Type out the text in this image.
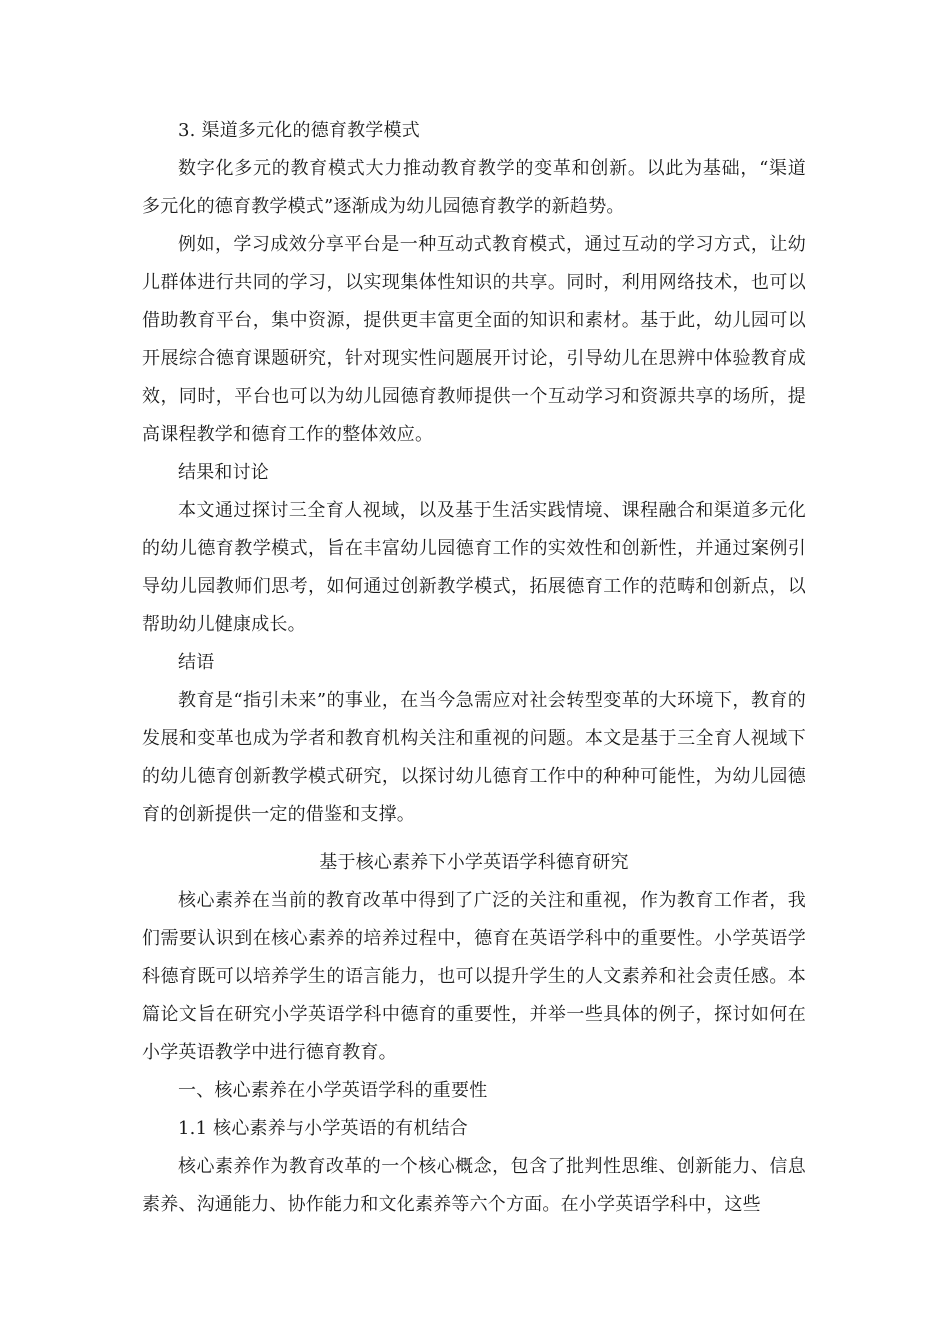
3. 渠道多元化的德育教学模式

数字化多元的教育模式大力推动教育教学的变革和创新。以此为基础，“渠道多元化的德育教学模式”逐渐成为幼儿园德育教学的新趋势。

例如，学习成效分享平台是一种互动式教育模式，通过互动的学习方式，让幼儿群体进行共同的学习，以实现集体性知识的共享。同时，利用网络技术，也可以借助教育平台，集中资源，提供更丰富更全面的知识和素材。基于此，幼儿园可以开展综合德育课题研究，针对现实性问题展开讨论，引导幼儿在思辨中体验教育成效，同时，平台也可以为幼儿园德育教师提供一个互动学习和资源共享的场所，提高课程教学和德育工作的整体效应。

结果和讨论

本文通过探讨三全育人视域，以及基于生活实践情境、课程融合和渠道多元化的幼儿德育教学模式，旨在丰富幼儿园德育工作的实效性和创新性，并通过案例引导幼儿园教师们思考，如何通过创新教学模式，拓展德育工作的范畴和创新点，以帮助幼儿健康成长。

结语

教育是“指引未来”的事业，在当今急需应对社会转型变革的大环境下，教育的发展和变革也成为学者和教育机构关注和重视的问题。本文是基于三全育人视域下的幼儿德育创新教学模式研究，以探讨幼儿德育工作中的种种可能性，为幼儿园德育的创新提供一定的借鉴和支撑。

基于核心素养下小学英语学科德育研究

核心素养在当前的教育改革中得到了广泛的关注和重视，作为教育工作者，我们需要认识到在核心素养的培养过程中，德育在英语学科中的重要性。小学英语学科德育既可以培养学生的语言能力，也可以提升学生的人文素养和社会责任感。本篇论文旨在研究小学英语学科中德育的重要性，并举一些具体的例子，探讨如何在小学英语教学中进行德育教育。

一、核心素养在小学英语学科的重要性

1.1 核心素养与小学英语的有机结合

核心素养作为教育改革的一个核心概念，包含了批判性思维、创新能力、信息素养、沟通能力、协作能力和文化素养等六个方面。在小学英语学科中，这些
